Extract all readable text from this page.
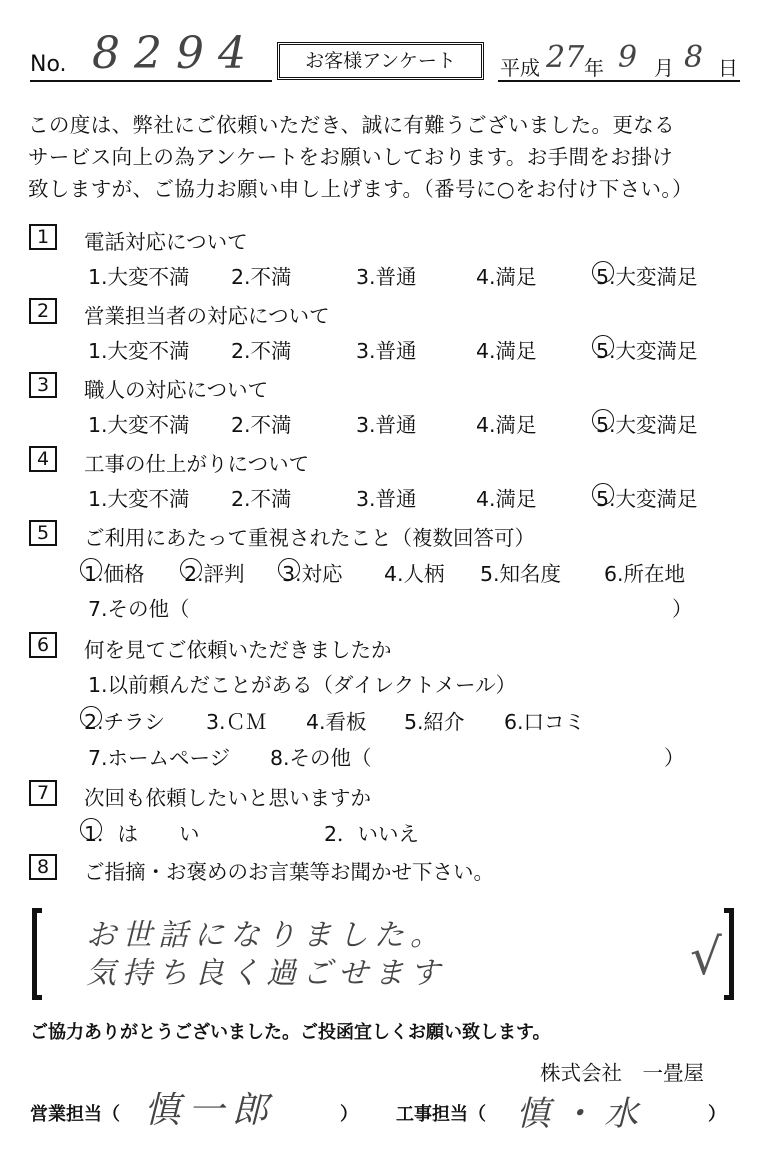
No. 8294	お客様アンケート	平成 27 年 9 月 8 日
この度は、弊社にご依頼いただき、誠に有難うございました。更なる
サービス向上の為アンケートをお願いしております。お手間をお掛け
致しますが、ご協力お願い申し上げます。（番号に○をお付け下さい。）
1	電話対応について
1.大変不満 2.不満	3.普通	4.満足	5.大変満足
2	営業担当者の対応について
1.大変不満 2.不満	3.普通	4.満足	5.大変満足
3	職人の対応について
1.大変不満 2.不満	3.普通	4.満足	5.大変満足
4	工事の仕上がりについて
1.大変不満 2.不満	3.普通	4.満足	5.大変満足
5	ご利用にあたって重視されたこと（複数回答可）
1.価格 2.評判 3.対応 4.人柄 5.知名度 6.所在地
7.その他（	）
6	何を見てご依頼いただきましたか
1.以前頼んだことがある（ダイレクトメール）
2.チラシ 3.ＣＭ 4.看板 5.紹介 6.口コミ
7.ホームページ 8.その他（	）
7	次回も依頼したいと思いますか
1．は　　い	2．いいえ
8	ご指摘・お褒めのお言葉等お聞かせ下さい。
お世話になりました。
気持ち良く過ごせます	√
ご協力ありがとうございました。ご投函宜しくお願い致します。
株式会社　一畳屋
営業担当（ 慎一郎	） 工事担当（ 慎・水	）
